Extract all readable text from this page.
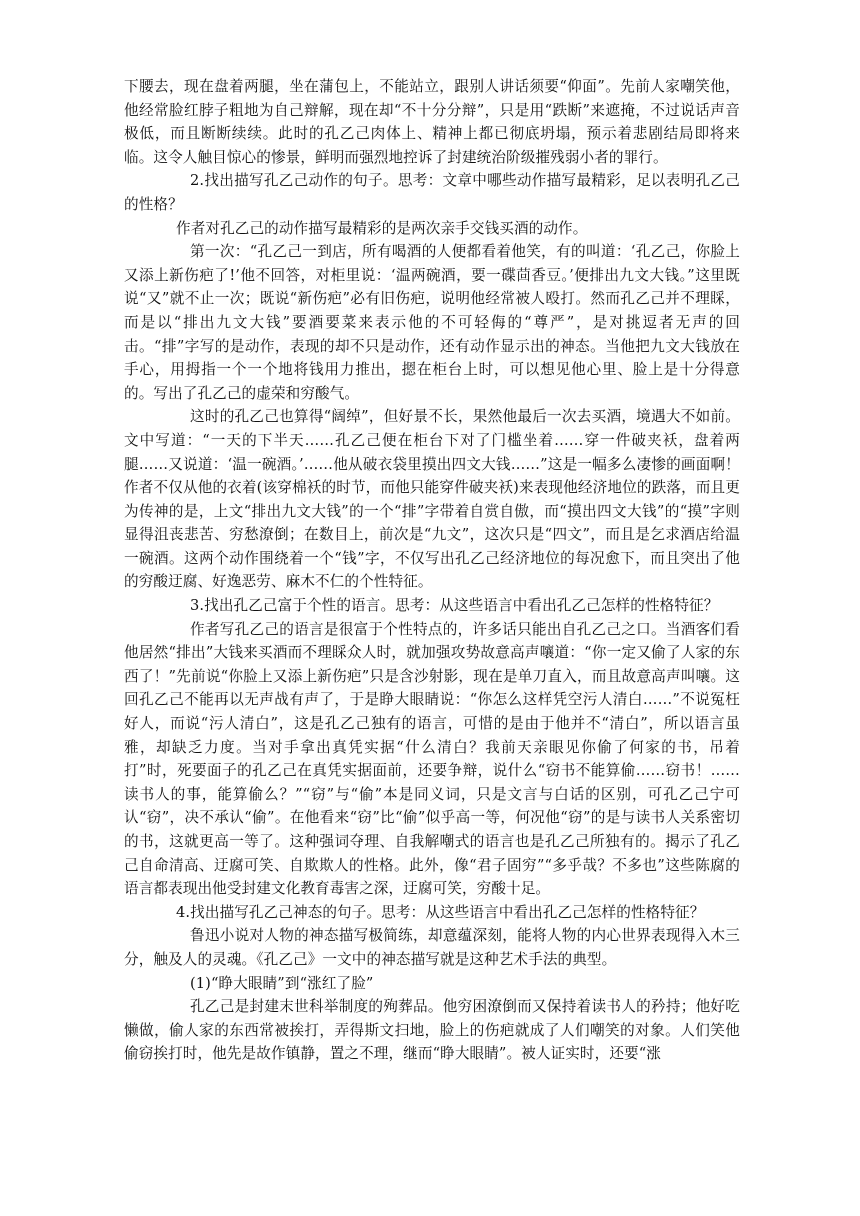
下腰去，现在盘着两腿，坐在蒲包上，不能站立，跟别人讲话须要“仰面”。先前人家嘲笑他，他经常脸红脖子粗地为自己辩解，现在却“不十分分辩”，只是用“跌断”来遮掩，不过说话声音极低，而且断断续续。此时的孔乙己肉体上、精神上都已彻底坍塌，预示着悲剧结局即将来临。这令人触目惊心的惨景，鲜明而强烈地控诉了封建统治阶级摧残弱小者的罪行。

2.找出描写孔乙己动作的句子。思考：文章中哪些动作描写最精彩，足以表明孔乙己的性格？

作者对孔乙己的动作描写最精彩的是两次亲手交钱买酒的动作。

第一次：“孔乙己一到店，所有喝酒的人便都看着他笑，有的叫道：‘孔乙己，你脸上又添上新伤疤了!’他不回答，对柜里说：‘温两碗酒，要一碟茴香豆。’便排出九文大钱。”这里既说“又”就不止一次；既说“新伤疤”必有旧伤疤，说明他经常被人殴打。然而孔乙己并不理睬，而是以“排出九文大钱”要酒要菜来表示他的不可轻侮的“尊严”，是对挑逗者无声的回击。“排”字写的是动作，表现的却不只是动作，还有动作显示出的神态。当他把九文大钱放在手心，用拇指一个一个地将钱用力推出，摁在柜台上时，可以想见他心里、脸上是十分得意的。写出了孔乙己的虚荣和穷酸气。

这时的孔乙己也算得“阔绰”，但好景不长，果然他最后一次去买酒，境遇大不如前。文中写道：“一天的下半天……孔乙己便在柜台下对了门槛坐着……穿一件破夹袄，盘着两腿……又说道：‘温一碗酒。’……他从破衣袋里摸出四文大钱……”这是一幅多么凄惨的画面啊！作者不仅从他的衣着(该穿棉袄的时节，而他只能穿件破夹袄)来表现他经济地位的跌落，而且更为传神的是，上文“排出九文大钱”的一个“排”字带着自赏自傲，而“摸出四文大钱”的“摸”字则显得沮丧悲苦、穷愁潦倒；在数目上，前次是“九文”，这次只是“四文”，而且是乞求酒店给温一碗酒。这两个动作围绕着一个“钱”字，不仅写出孔乙己经济地位的每况愈下，而且突出了他的穷酸迂腐、好逸恶劳、麻木不仁的个性特征。

3.找出孔乙己富于个性的语言。思考：从这些语言中看出孔乙己怎样的性格特征？

作者写孔乙己的语言是很富于个性特点的，许多话只能出自孔乙己之口。当酒客们看他居然“排出”大钱来买酒而不理睬众人时，就加强攻势故意高声嚷道：“你一定又偷了人家的东西了！”先前说“你脸上又添上新伤疤”只是含沙射影，现在是单刀直入，而且故意高声叫嚷。这回孔乙己不能再以无声战有声了，于是睁大眼睛说：“你怎么这样凭空污人清白……”不说冤枉好人，而说“污人清白”，这是孔乙己独有的语言，可惜的是由于他并不“清白”，所以语言虽雅，却缺乏力度。当对手拿出真凭实据“什么清白？我前天亲眼见你偷了何家的书，吊着打”时，死要面子的孔乙己在真凭实据面前，还要争辩，说什么“窃书不能算偷……窃书！……读书人的事，能算偷么？”“窃”与“偷”本是同义词，只是文言与白话的区别，可孔乙己宁可认“窃”，决不承认“偷”。在他看来“窃”比“偷”似乎高一等，何况他“窃”的是与读书人关系密切的书，这就更高一等了。这种强词夺理、自我解嘲式的语言也是孔乙己所独有的。揭示了孔乙己自命清高、迂腐可笑、自欺欺人的性格。此外，像“君子固穷”“多乎哉？不多也”这些陈腐的语言都表现出他受封建文化教育毒害之深，迂腐可笑，穷酸十足。

4.找出描写孔乙己神态的句子。思考：从这些语言中看出孔乙己怎样的性格特征？

鲁迅小说对人物的神态描写极简练，却意蕴深刻，能将人物的内心世界表现得入木三分，触及人的灵魂。《孔乙己》一文中的神态描写就是这种艺术手法的典型。

(1)“睁大眼睛”到“涨红了脸”

孔乙己是封建末世科举制度的殉葬品。他穷困潦倒而又保持着读书人的矜持；他好吃懒做，偷人家的东西常被挨打，弄得斯文扫地，脸上的伤疤就成了人们嘲笑的对象。人们笑他偷窃挨打时，他先是故作镇静，置之不理，继而“睁大眼睛”。被人证实时，还要“涨
